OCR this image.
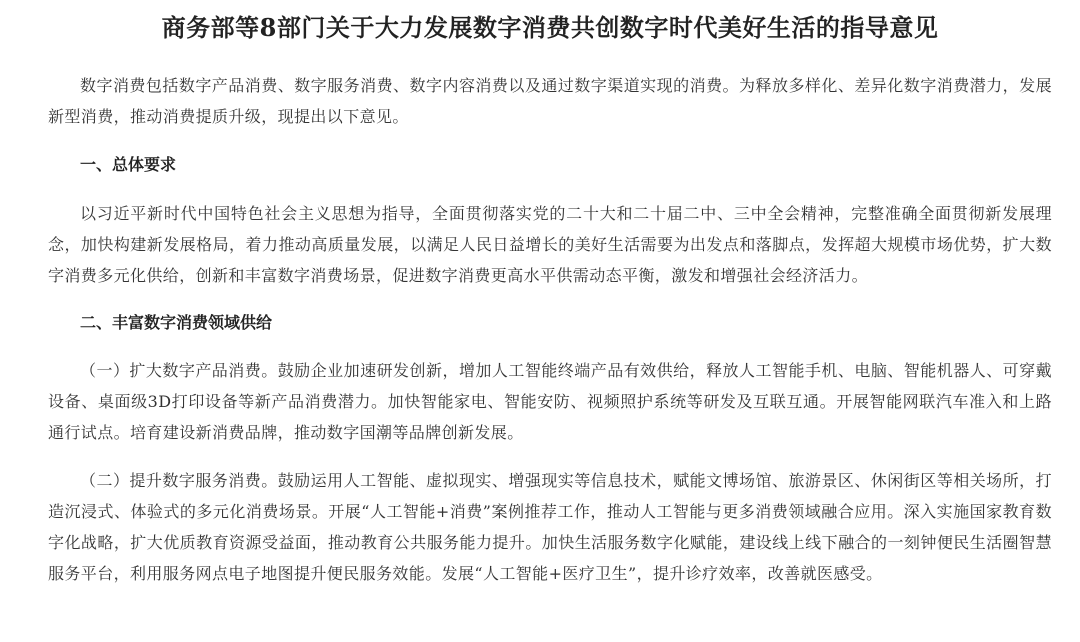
商务部等8部门关于大力发展数字消费共创数字时代美好生活的指导意见

数字消费包括数字产品消费、数字服务消费、数字内容消费以及通过数字渠道实现的消费。为释放多样化、差异化数字消费潜力，发展新型消费，推动消费提质升级，现提出以下意见。

一、总体要求

以习近平新时代中国特色社会主义思想为指导，全面贯彻落实党的二十大和二十届二中、三中全会精神，完整准确全面贯彻新发展理念，加快构建新发展格局，着力推动高质量发展，以满足人民日益增长的美好生活需要为出发点和落脚点，发挥超大规模市场优势，扩大数字消费多元化供给，创新和丰富数字消费场景，促进数字消费更高水平供需动态平衡，激发和增强社会经济活力。

二、丰富数字消费领域供给

（一）扩大数字产品消费。鼓励企业加速研发创新，增加人工智能终端产品有效供给，释放人工智能手机、电脑、智能机器人、可穿戴设备、桌面级3D打印设备等新产品消费潜力。加快智能家电、智能安防、视频照护系统等研发及互联互通。开展智能网联汽车准入和上路通行试点。培育建设新消费品牌，推动数字国潮等品牌创新发展。

（二）提升数字服务消费。鼓励运用人工智能、虚拟现实、增强现实等信息技术，赋能文博场馆、旅游景区、休闲街区等相关场所，打造沉浸式、体验式的多元化消费场景。开展“人工智能+消费”案例推荐工作，推动人工智能与更多消费领域融合应用。深入实施国家教育数字化战略，扩大优质教育资源受益面，推动教育公共服务能力提升。加快生活服务数字化赋能，建设线上线下融合的一刻钟便民生活圈智慧服务平台，利用服务网点电子地图提升便民服务效能。发展“人工智能+医疗卫生”，提升诊疗效率，改善就医感受。
